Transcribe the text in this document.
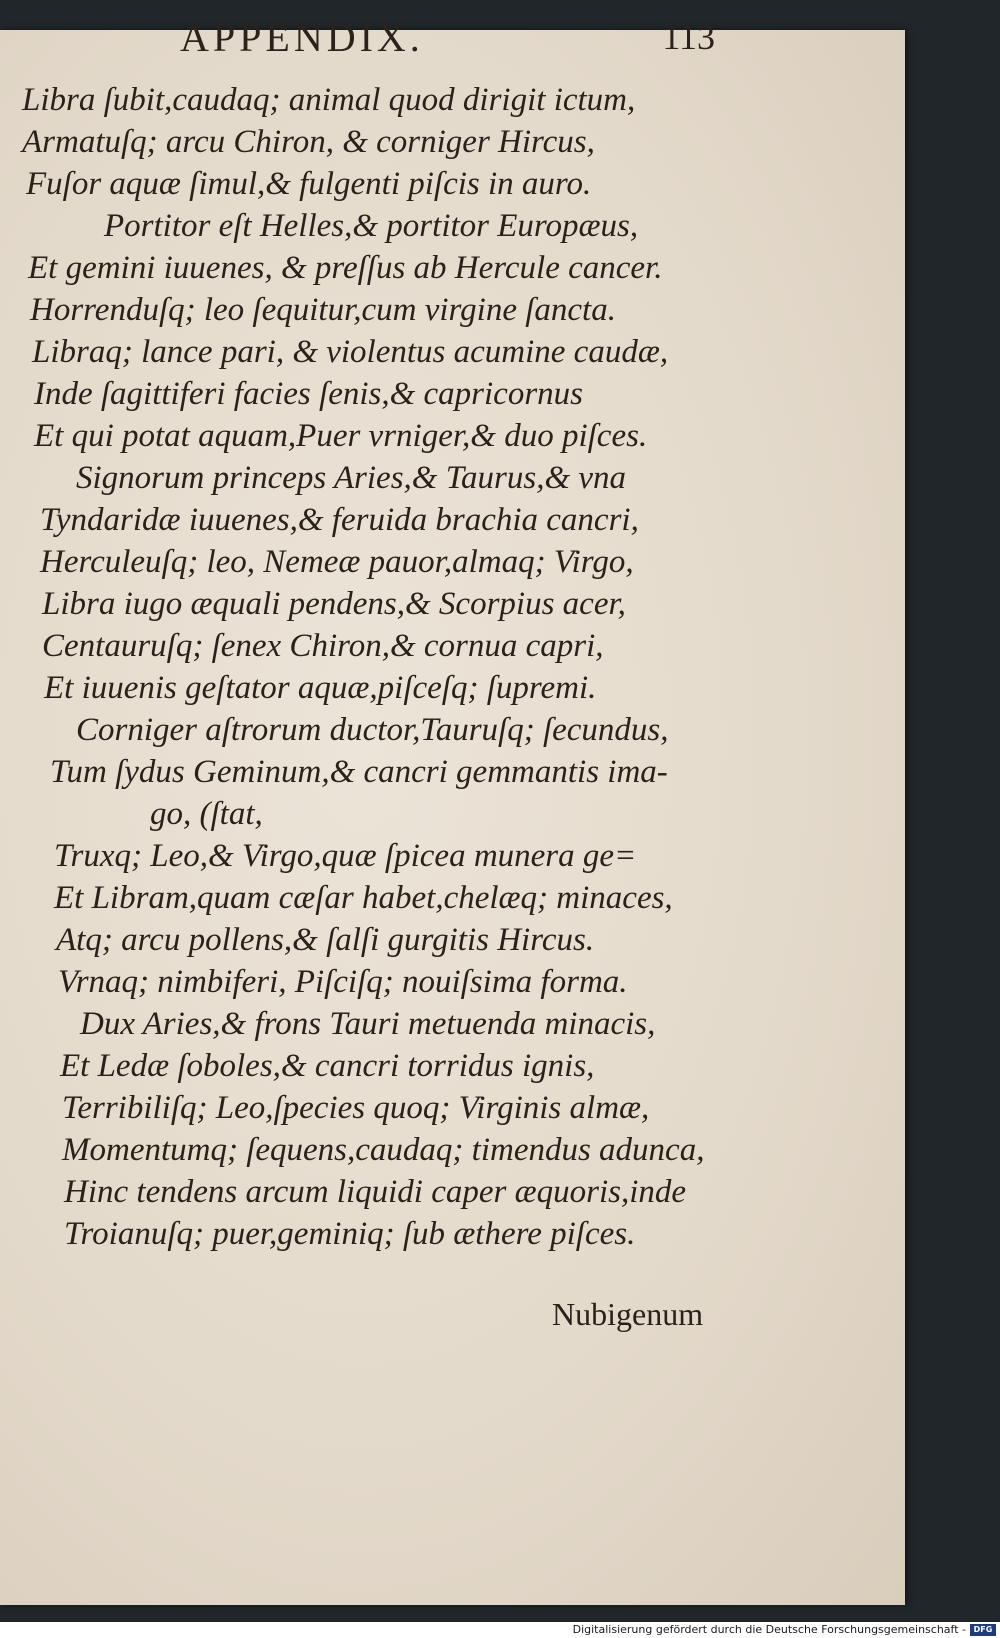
APPENDIX.	113
Libra ſubit,caudaq; animal quod dirigit ictum,
Armatuſq; arcu Chiron, & corniger Hircus,
Fuſor aquæ ſimul,& fulgenti piſcis in auro.
Portitor eſt Helles,& portitor Europæus,
Et gemini iuuenes, & preſſus ab Hercule cancer.
Horrenduſq; leo ſequitur,cum virgine ſancta.
Libraq; lance pari, & violentus acumine caudæ,
Inde ſagittiferi facies ſenis,& capricornus
Et qui potat aquam,Puer vrniger,& duo piſces.
Signorum princeps Aries,& Taurus,& vna
Tyndaridæ iuuenes,& feruida brachia cancri,
Herculeuſq; leo, Nemeæ pauor,almaq; Virgo,
Libra iugo æquali pendens,& Scorpius acer,
Centauruſq; ſenex Chiron,& cornua capri,
Et iuuenis geſtator aquæ,piſceſq; ſupremi.
Corniger aſtrorum ductor,Tauruſq; ſecundus,
Tum ſydus Geminum,& cancri gemmantis ima-
go, (ſtat,
Truxq; Leo,& Virgo,quæ ſpicea munera ge=
Et Libram,quam cæſar habet,chelæq; minaces,
Atq; arcu pollens,& ſalſi gurgitis Hircus.
Vrnaq; nimbiferi, Piſciſq; nouiſsima forma.
Dux Aries,& frons Tauri metuenda minacis,
Et Ledæ ſoboles,& cancri torridus ignis,
Terribiliſq; Leo,ſpecies quoq; Virginis almæ,
Momentumq; ſequens,caudaq; timendus adunca,
Hinc tendens arcum liquidi caper æquoris,inde
Troianuſq; puer,geminiq; ſub æthere piſces.
Nubigenum
Digitalisierung gefördert durch die Deutsche Forschungsgemeinschaft - DFG
